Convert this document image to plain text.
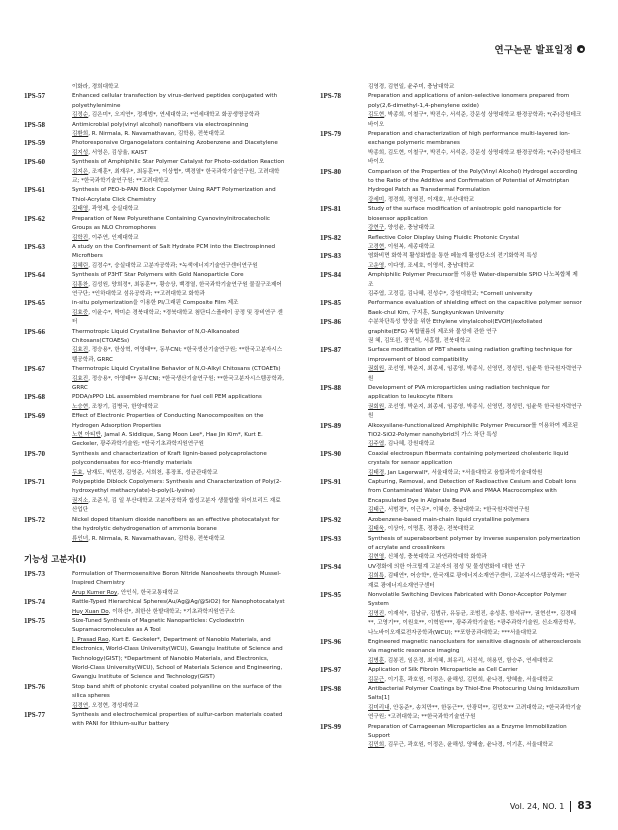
연구논문 발표일정
이화라, 경희대학교
1PS-57	Enhanced cellular transfection by virus-derived peptides conjugated with polyethylenimine
김정순, 김은미*, 오지연*, 정재범*, 연세대학교; *연세대학교 화공생명공학과
1PS-58	Antimicrobial poly(vinyl alcohol) nanofibers via electrospinning
김환희, R. Nirmala, R. Navamathavan, 김학용, 전북대학교
1PS-59	Photoresponsive Organogelators containing Azobenzene and Diacetylene
김지성, 서영은, 김상율, KAIST
1PS-60	Synthesis of Amphiphilic Star Polymer Catalyst for Photo-oxidation Reaction
김지은, 조재훈*, 최재우*, 최동훈**, 이상협*, 백경열* 한국과학기술연구원, 고려대학교; *한국과학기술연구원; **고려대학교
1PS-61	Synthesis of PEO-b-PAN Block Copolymer Using RAFT Polymerization and Thiol-Acrylate Click Chemistry
김태영, 곽영제, 숭실대학교
1PS-62	Preparation of New Polyurethane Containing Cyanovinylnitrocatecholic Groups as NLO Chromophores
김학진, 이주연, 인제대학교
1PS-63	A study on the Confinement of Salt Hydrate PCM into the Electrospinned Microfibers
김혜린, 김정수*, 숭실대학교 고분자공학과; *녹색에너지기술연구센터연구원
1PS-64	Synthesis of P3HT Star Polymers with Gold Nanoparticle Core
김흥찬, 김성원, 양희정*, 최동훈**, 황승상, 백경열, 한국과학기술연구원 물질구조제어연구단; *인하대학교 섬유공학과; **고려대학교 화학과
1PS-65	in-situ polymerization을 이용한 PI/그래핀 Composite Film 제조
김효중, 이윤수*, 박미순 경북대학교; *경북대학교 첨단디스플레이 공정 및 장비연구 센터
1PS-66	Thermotropic Liquid Crystalline Behavior of N,O-Alkanoated Chitosans(CTOAESs)
김효진, 정승용*, 한상혁, 여영태**, 동부CNI; *한국생산기술연구원; **한국고분자시스템공학과, GRRC
1PS-67	Thermotropic Liquid Crystalline Behavior of N,O-Alkyl Chitosans (CTOAETs)
김효진, 정승용*, 아영태** 동부CNI; *한국생산기술연구원; **한국고분자시스템공학과, GRRC
1PS-68	PDDA/sPPO LbL assembled membrane for fuel cell PEM applications
노승현, 조창기, 김병국, 한양대학교
1PS-69	Effect of Electronic Properties of Conducting Nanocomposites on the Hydrogen Adsorption Properties
노현 아티반, Jamal A. Siddique, Sang Moon Lee*, Hae Jin Kim*, Kurt E. Geckeler, 광주과학기술원; *한국기초과학지원연구원
1PS-70	Synthesis and characterization of Kraft lignin-based polycaprolactone polycondensates for eco-friendly materials
두효, 남재도, 박민경, 김영준, 서희천, 홍장표, 성균관대학교
1PS-71	Polypeptide Diblock Copolymers: Synthesis and Characterization of Poly(2-hydroxyethyl methacrylate)-b-poly(L-lysine)
권지소, 조준식, 김 일 부산대학교 고분자공학과 합성고분자 생물합할 하이브리드 재료 산업단
1PS-72	Nickel doped titanium dioxide nanofibers as an effective photocatalyst for the hydrolytic dehydrogenation of ammonia borane
류인녀, R. Nirmala, R. Navamathavan, 김학용, 전북대학교
기능성 고분자(I)
1PS-73	Formulation of Thermosensitive Boron Nitride Nanosheets through Mussel-Inspired Chemistry
Arup Kumer Roy, 안인식, 한국교통대학교
1PS-74	Rattle-Typed Hierarchical Spheres(Au/Ag@Ag/@SiO2) for Nanophotocatalyst
Huy Xuan Do, 이하선*, 최한산 한밭대학교; *기초과학지원연구소
1PS-75	Size-Tuned Synthesis of Magnetic Nanoparticles: Cyclodextrin Supramacromolecules as A Tool
J. Prasad Rao, Kurt E. Geckeler*, Department of Nanobio Materials, and Electronics, World-Class University(WCU), Gwangju Institute of Science and Technology(GIST); *Department of Nanobio Materials, and Electronics, World-Class University(WCU), School of Materials Science and Engineering, Gwangju Institute of Science and Technology(GIST)
1PS-76	Stop band shift of photonic crystal coated polyaniline on the surface of the silica spheres
김경연, 오정현, 경성대학교
1PS-77	Synthesis and electrochemical properties of sulfur-carbon materials coated with PANI for lithium-sulfur battery
김영경, 김현일, 윤주미, 충남대학교
1PS-78	Preparation and applications of anion-selective ionomers prepared from poly(2,6-dimethyl-1,4-phenylene oxide)
김도현, 박종희, 이철구*, 박진수, 서석준, 강문성 상명대학교 환경공학과; *(주)강원테크바이오
1PS-79	Preparation and characterization of high performance multi-layered ion-exchange polymeric membranes
박종희, 김도현, 이철구*, 박진수, 서석준, 강문성 상명대학교 환경공학과; *(주)강원테크바이오
1PS-80	Comparison of the Properties of the Poly(Vinyl Alcohol) Hydrogel according to the Ratio of the Additive and Confirmation of Potential of Almotriptan Hydrogel Patch as Transdermal Formulation
강세미, 정경희, 정영진, 이재호, 부산대학교
1PS-81	Study of the surface modification of anisotropic gold nanoparticle for biosensor application
강현구, 양성윤, 충남대학교
1PS-82	Reflective Color Display Using Fluidic Photonic Crystal
고경현, 이원복, 세종대학교
1PS-83	염화비면 화학적 활성화법을 통한 페놀계 활성탄소의 전기화학적 특성
고운영, 이다영, 조세호, 이영석, 충남대학교
1PS-84	Amphiphilic Polymer Precursor를 이용한 Water-dispersible SPIO 나노복합체 제조
김주엽, 고정길, 김나혜, 진성수*, 강원대학교; *Cornell university
1PS-85	Performance evaluation of shielding effect on the capacitive polymer sensor
Baek-chul Kim, 구지훈, Sungkyunkwan University
1PS-86	수분차단특성 향상을 위한 Ethylene vinylalcohol(EVOH)/exfoliated graphite(EFG) 복합필름의 제조와 물성에 관한 연구
권 혜, 김또윈, 장민석, 서흠렬, 전북대학교
1PS-87	Surface modification of PBT sheets using radiation grafting technique for improvement of blood compatibility
권회원, 조선영, 박운지, 최종세, 임종영, 박종식, 신영민, 정성민, 임윤묵 한국원자력연구원
1PS-88	Development of PVA microparticles using radiation technique for application to leukocyte filters
권회원, 조선영, 박운지, 최종세, 임종영, 박종식, 신영민, 정성민, 임윤묵 한국원자력연구원
1PS-89	Alkoxysilane-functionalized Amphiphilic Polymer Precursor를 이용하여 제조된 TiO2-SiO2-Polymer nanohybrid의 가스 차단 특성
김주엽, 김나혜, 강원대학교
1PS-90	Coaxial electrospun fibermats containing polymerized cholesteric liquid crystals for sensor application
김태경, Jan Lagerwall*, 서울대학교; *서울대학교 융합과학기술대학원
1PS-91	Capturing, Removal, and Detection of Radioactive Cesium and Cobalt Ions from Contaminated Water Using PVA and PMAA Macrocomplex with Encapsulated Dye in Alginate Bead
김태근, 서범경*, 이근우*, 이혜승, 충남대학교; *한국원자력연구원
1PS-92	Azobenzene-based main-chain liquid crystalline polymers
김태욱, 이상아, 이명훈, 정광운, 전북대학교
1PS-93	Synthesis of superabsorbent polymer by inverse suspension polymerization of acrylate and crosslinkers
김현영, 신채성, 충북대학교 자연과학대학 화학과
1PS-94	UV경화에 의한 아크릴계 고분자의 점성 및 물성변화에 대한 연구
김희특, 김태연*, 어승학*, 한국재료 광에너지소재연구센터, 고분자시스템공학과; *한국재료 광에너지소재연구센터
1PS-95	Nonvolatile Switching Devices Fabricated with Donor-Acceptor Polymer System
김명진, 이재석*, 김남규, 김범규, 유동균, 조범진, 송성훈, 함석규**, 권현선**, 김경태**, 고영기**, 이원호**, 이혁원***, 광주과학기술원; *광주과학기술원, 신소재공학부, 나노바이오재료전자공학과(WCU); **포항공과대학교; ***서울대학교
1PS-96	Engineered magnetic nanoclusters for sensitive diagnosis of atherosclerosis via magnetic resonance imaging
김병훈, 김봉진, 임은정, 최지혜, 최유리, 서진석, 허용민, 함승주, 연세대학교
1PS-97	Application of Silk Fibroin Microparticle as Cell Carrier
김문근, 이기훈, 곽호원, 이정은, 윤해성, 김민희, 윤나경, 양혜솔, 서울대학교
1PS-98	Antibacterial Polymer Coatings by Thiol-Ene Photocuring Using Imidazolium Salts[1]
김미리내, 안동준*, 송치만**, 한동근**, 안광덕**, 김민호** 고려대학교; *한국과학기술연구원; *고려대학교; **한국과학기술연구원
1PS-99	Preparation of Carrageenan Microparticles as a Enzyme Immobilization Support
김민희, 김무근, 곽호원, 이정은, 윤해성, 양혜솔, 윤나경, 이기훈, 서울대학교
Vol. 24, NO. 1 83
